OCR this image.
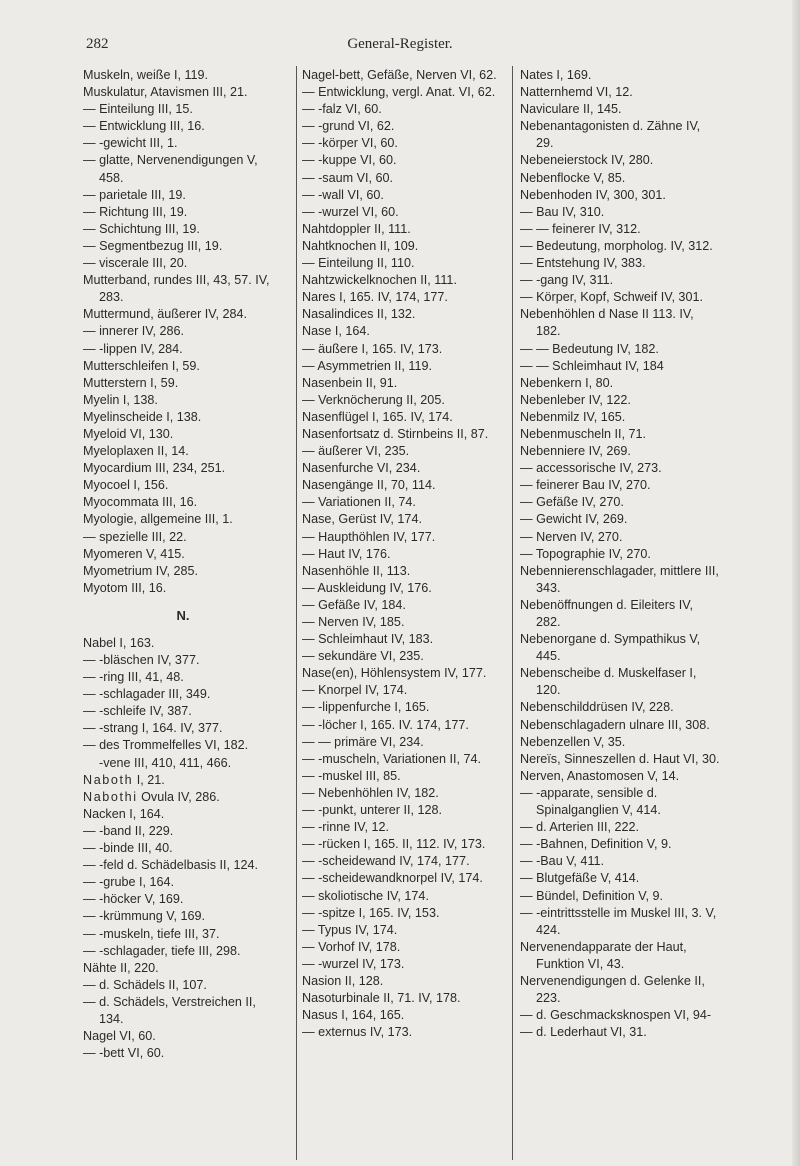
282	General-Register.
Muskeln, weiße I, 119.
Muskulatur, Atavismen III, 21.
— Einteilung III, 15.
— Entwicklung III, 16.
— -gewicht III, 1.
— glatte, Nervenendigungen V, 458.
— parietale III, 19.
— Richtung III, 19.
— Schichtung III, 19.
— Segmentbezug III, 19.
— viscerale III, 20.
Mutterband, rundes III, 43, 57. IV, 283.
Muttermund, äußerer IV, 284.
— innerer IV, 286.
— -lippen IV, 284.
Mutterschleifen I, 59.
Mutterstern I, 59.
Myelin I, 138.
Myelinscheide I, 138.
Myeloid VI, 130.
Myeloplaxen II, 14.
Myocardium III, 234, 251.
Myocoel I, 156.
Myocommata III, 16.
Myologie, allgemeine III, 1.
— spezielle III, 22.
Myomeren V, 415.
Myometrium IV, 285.
Myotom III, 16.
N.
Nabel I, 163.
— -bläschen IV, 377.
— -ring III, 41, 48.
— -schlagader III, 349.
— -schleife IV, 387.
— -strang I, 164. IV, 377.
— des Trommelfelles VI, 182.
-vene III, 410, 411, 466.
Naboth I, 21.
Nabothi Ovula IV, 286.
Nacken I, 164.
— -band II, 229.
— -binde III, 40.
— -feld d. Schädelbasis II, 124.
— -grube I, 164.
— -höcker V, 169.
— -krümmung V, 169.
— -muskeln, tiefe III, 37.
— -schlagader, tiefe III, 298.
Nähte II, 220.
— d. Schädels II, 107.
— d. Schädels, Verstreichen II, 134.
Nagel VI, 60.
— -bett VI, 60.
Nagel-bett, Gefäße, Nerven VI, 62.
— Entwicklung, vergl. Anat. VI, 62.
— -falz VI, 60.
— -grund VI, 62.
— -körper VI, 60.
— -kuppe VI, 60.
— -saum VI, 60.
— -wall VI, 60.
— -wurzel VI, 60.
Nahtdoppler II, 111.
Nahtknochen II, 109.
— Einteilung II, 110.
Nahtzwickelknochen II, 111.
Nares I, 165. IV, 174, 177.
Nasalindices II, 132.
Nase I, 164.
— äußere I, 165. IV, 173.
— Asymmetrien II, 119.
Nasenbein II, 91.
— Verknöcherung II, 205.
Nasenflügel I, 165. IV, 174.
Nasenfortsatz d. Stirnbeins II, 87.
— äußerer VI, 235.
Nasenfurche VI, 234.
Nasengänge II, 70, 114.
— Variationen II, 74.
Nase, Gerüst IV, 174.
— Haupthöhlen IV, 177.
— Haut IV, 176.
Nasenhöhle II, 113.
— Auskleidung IV, 176.
— Gefäße IV, 184.
— Nerven IV, 185.
— Schleimhaut IV, 183.
— sekundäre VI, 235.
Nase(en), Höhlensystem IV, 177.
— Knorpel IV, 174.
— -lippenfurche I, 165.
— -löcher I, 165. IV. 174, 177.
— — primäre VI, 234.
— -muscheln, Variationen II, 74.
— -muskel III, 85.
— Nebenhöhlen IV, 182.
— -punkt, unterer II, 128.
— -rinne IV, 12.
— -rücken I, 165. II, 112. IV, 173.
— -scheidewand IV, 174, 177.
— -scheidewandknorpel IV, 174.
— skoliotische IV, 174.
— -spitze I, 165. IV, 153.
— Typus IV, 174.
— Vorhof IV, 178.
— -wurzel IV, 173.
Nasion II, 128.
Nasoturbinale II, 71. IV, 178.
Nasus I, 164, 165.
— externus IV, 173.
Nates I, 169.
Natternhemd VI, 12.
Naviculare II, 145.
Nebenantagonisten d. Zähne IV, 29.
Nebeneierstock IV, 280.
Nebenflocke V, 85.
Nebenhoden IV, 300, 301.
— Bau IV, 310.
— — feinerer IV, 312.
— Bedeutung, morpholog. IV, 312.
— Entstehung IV, 383.
— -gang IV, 311.
— Körper, Kopf, Schweif IV, 301.
Nebenhöhlen d Nase II 113. IV, 182.
— — Bedeutung IV, 182.
— — Schleimhaut IV, 184
Nebenkern I, 80.
Nebenleber IV, 122.
Nebenmilz IV, 165.
Nebenmuscheln II, 71.
Nebenniere IV, 269.
— accessorische IV, 273.
— feinerer Bau IV, 270.
— Gefäße IV, 270.
— Gewicht IV, 269.
— Nerven IV, 270.
— Topographie IV, 270.
Nebennierenschlagader, mittlere III, 343.
Nebenöffnungen d. Eileiters IV, 282.
Nebenorgane d. Sympathikus V, 445.
Nebenscheibe d. Muskelfaser I, 120.
Nebenschilddrüsen IV, 228.
Nebenschlagadern ulnare III, 308.
Nebenzellen V, 35.
Nereïs, Sinneszellen d. Haut VI, 30.
Nerven, Anastomosen V, 14.
— -apparate, sensible d. Spinalganglien V, 414.
— d. Arterien III, 222.
— -Bahnen, Definition V, 9.
— -Bau V, 411.
— Blutgefäße V, 414.
— Bündel, Definition V, 9.
— -eintrittsstelle im Muskel III, 3. V, 424.
Nervenendapparate der Haut, Funktion VI, 43.
Nervenendigungen d. Gelenke II, 223.
— d. Geschmacksknospen VI, 94-
— d. Lederhaut VI, 31.
